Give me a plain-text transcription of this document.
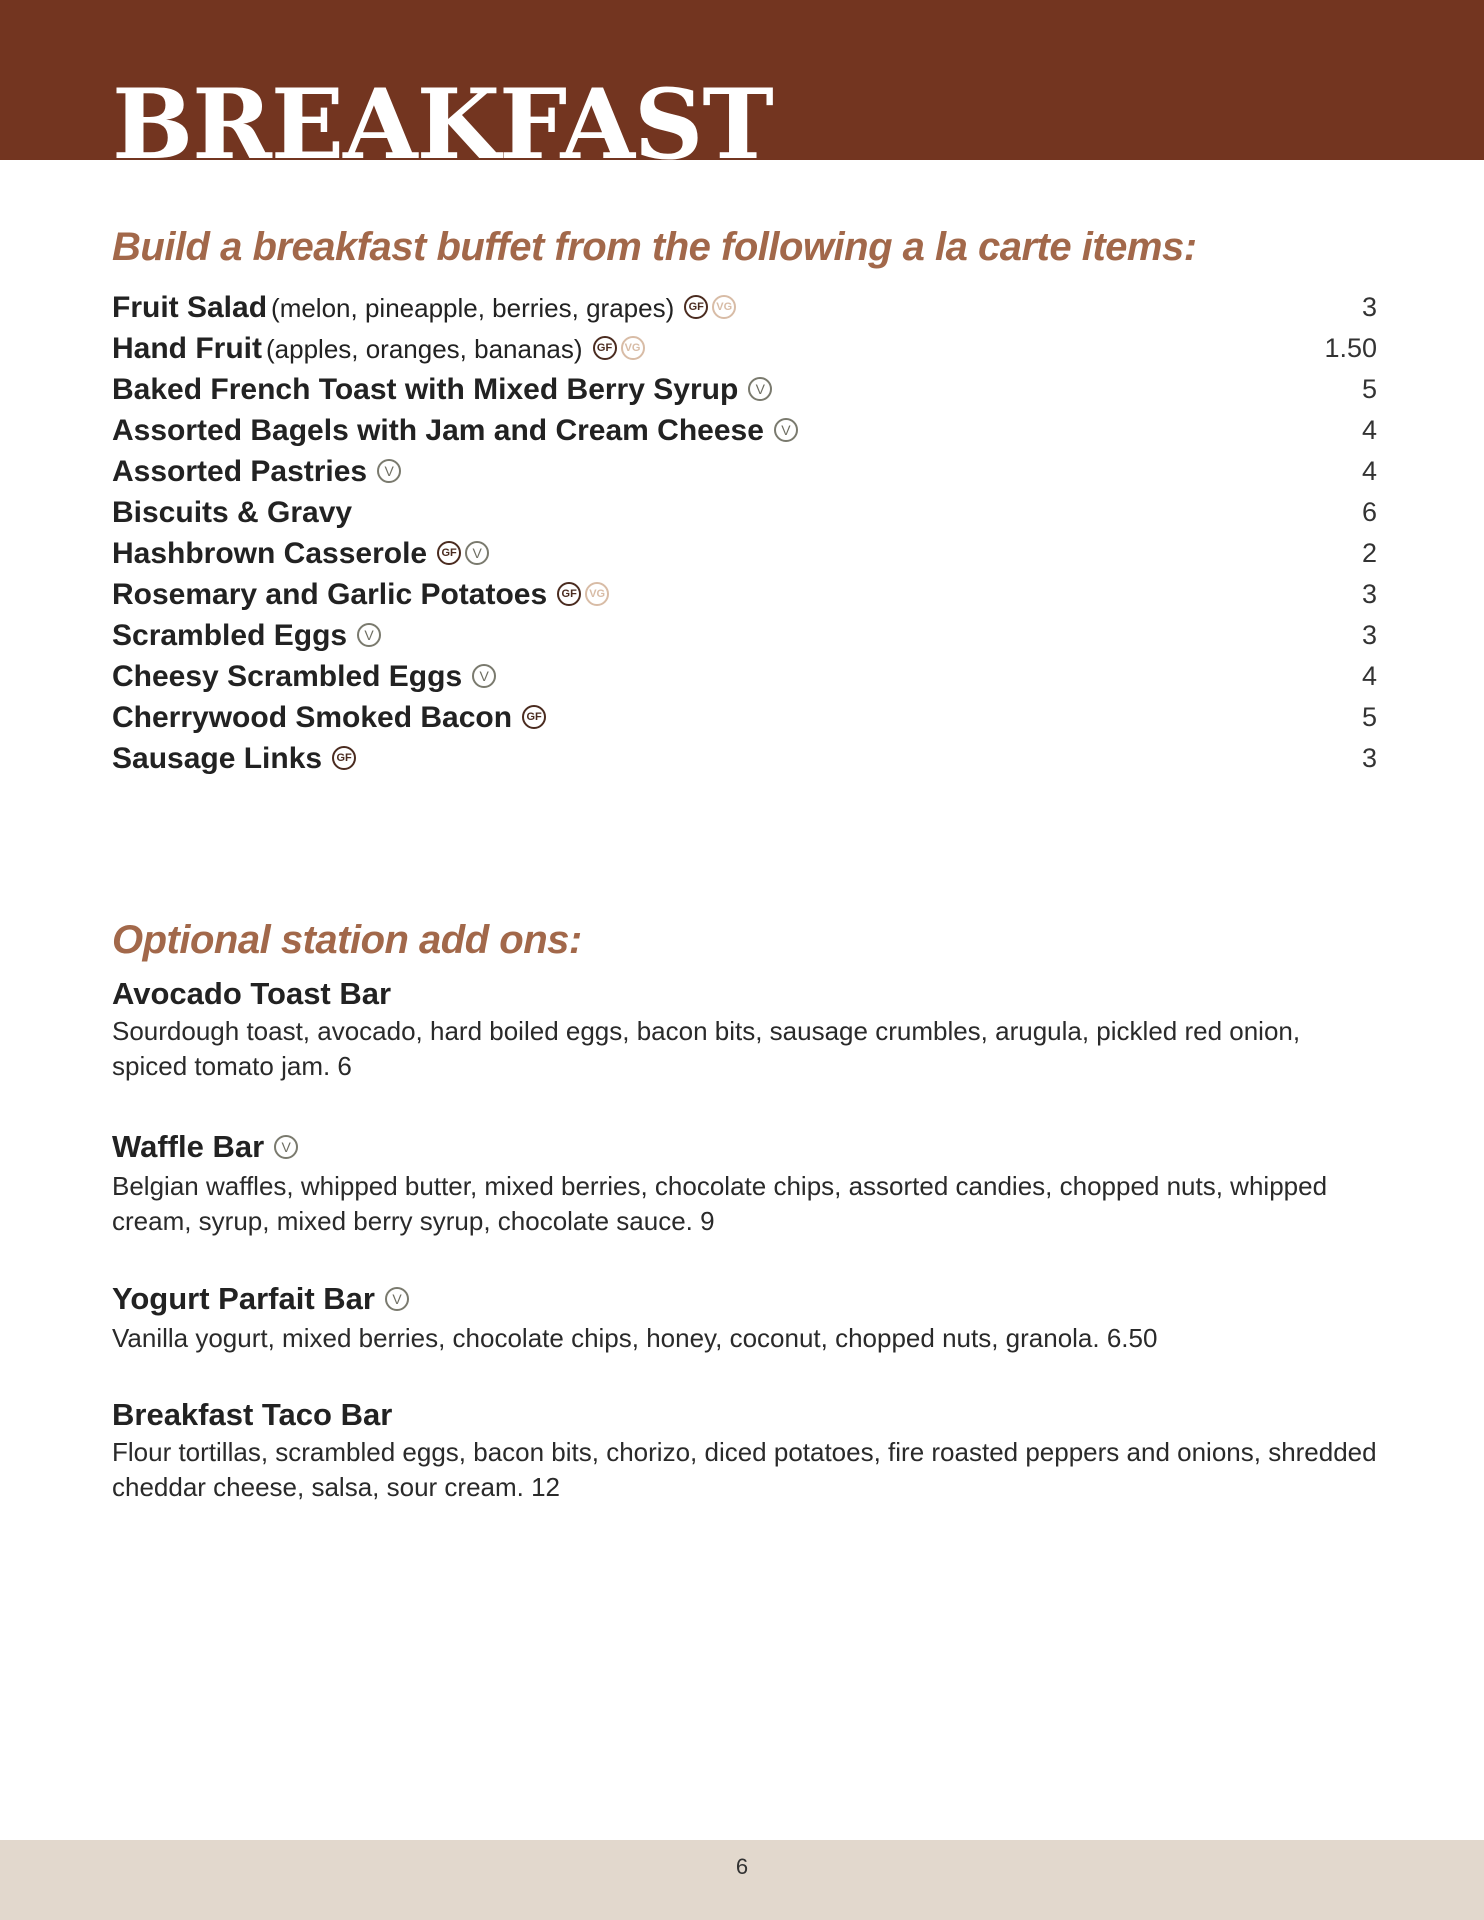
BREAKFAST
Build a breakfast buffet from the following a la carte items:
Fruit Salad (melon, pineapple, berries, grapes) GF VG	3
Hand Fruit (apples, oranges, bananas) GF VG	1.50
Baked French Toast with Mixed Berry Syrup V	5
Assorted Bagels with Jam and Cream Cheese V	4
Assorted Pastries V	4
Biscuits & Gravy	6
Hashbrown Casserole GF V	2
Rosemary and Garlic Potatoes GF VG	3
Scrambled Eggs V	3
Cheesy Scrambled Eggs V	4
Cherrywood Smoked Bacon GF	5
Sausage Links GF	3
Optional station add ons:

Avocado Toast Bar

Sourdough toast, avocado, hard boiled eggs, bacon bits, sausage crumbles, arugula, pickled red onion, spiced tomato jam. 6

Waffle Bar V

Belgian waffles, whipped butter, mixed berries, chocolate chips, assorted candies, chopped nuts, whipped cream, syrup, mixed berry syrup, chocolate sauce. 9

Yogurt Parfait Bar V

Vanilla yogurt, mixed berries, chocolate chips, honey, coconut, chopped nuts, granola. 6.50

Breakfast Taco Bar

Flour tortillas, scrambled eggs, bacon bits, chorizo, diced potatoes, fire roasted peppers and onions, shredded cheddar cheese, salsa, sour cream. 12

6
